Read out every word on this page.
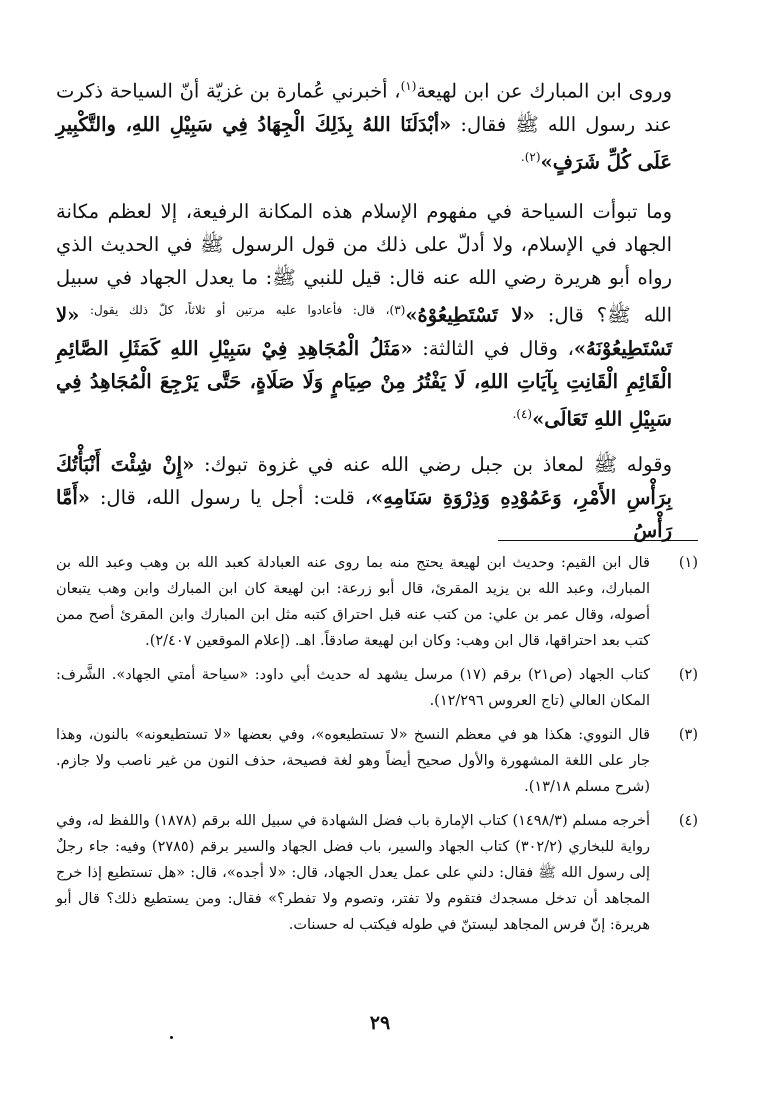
وروى ابن المبارك عن ابن لهيعة$^{(١)}$، أخبرني عُمارة بن غزيّة أنّ السياحة ذكرت عند رسول الله ﷺ فقال: «أبْدَلَنَا اللهُ بِذَلِكَ الْجِهَادُ فِي سَبِيْلِ اللهِ، والتَّكْبِيرِ عَلَى كُلِّ شَرَفٍ»$^{(٢).}$

وما تبوأت السياحة في مفهوم الإسلام هذه المكانة الرفيعة، إلا لعظم مكانة الجهاد في الإسلام، ولا أدلّ على ذلك من قول الرسول ﷺ في الحديث الذي رواه أبو هريرة رضي الله عنه قال: قيل للنبي ﷺ: ما يعدل الجهاد في سبيل الله ﷺ؟ قال: «لا تَسْتَطِيعُوْهُ»$^{(٣)، قال: فأعادوا عليه مرتين أو ثلاثاً، كلّ ذلك يقول:}$ «لا تَسْتَطِيعُوْنَهُ»، وقال في الثالثة: «مَثَلُ الْمُجَاهِدِ فِيْ سَبِيْلِ اللهِ كَمَثَلِ الصَّائِمِ الْقَائِمِ الْقَانِتِ بِآيَاتِ اللهِ، لَا يَفْتُرُ مِنْ صِيَامٍ وَلَا صَلَاةٍ، حَتَّى يَرْجِعَ الْمُجَاهِدُ فِي سَبِيْلِ اللهِ تَعَالَى»$^{(٤).}$

وقوله ﷺ لمعاذ بن جبل رضي الله عنه في غزوة تبوك: «إِنْ شِئْتَ أَنْبَأْتُكَ بِرَأْسِ الأَمْرِ، وَعَمُوْدِهِ وَذِرْوَةِ سَنَامِهِ»، قلت: أجل يا رسول الله، قال: «أَمَّا رَأْسُ

(١)
قال ابن القيم: وحديث ابن لهيعة يحتج منه بما روى عنه العبادلة كعبد الله بن وهب وعبد الله بن المبارك، وعبد الله بن يزيد المقرئ، قال أبو زرعة: ابن لهيعة كان ابن المبارك وابن وهب يتبعان أصوله، وقال عمر بن علي: من كتب عنه قبل احتراق كتبه مثل ابن المبارك وابن المقرئ أصح ممن كتب بعد احتراقها، قال ابن وهب: وكان ابن لهيعة صادقاً. اهـ. (إعلام الموقعين ٢/٤٠٧).
(٢)
كتاب الجهاد (ص٢١) برقم (١٧) مرسل يشهد له حديث أبي داود: «سياحة أمتي الجهاد». الشَّرف: المكان العالي (تاج العروس ١٢/٢٩٦).
(٣)
قال النووي: هكذا هو في معظم النسخ «لا تستطيعوه»، وفي بعضها «لا تستطيعونه» بالنون، وهذا جار على اللغة المشهورة والأول صحيح أيضاً وهو لغة فصيحة، حذف النون من غير ناصب ولا جازم. (شرح مسلم ١٣/١٨).
(٤)
أخرجه مسلم (١٤٩٨/٣) كتاب الإمارة باب فضل الشهادة في سبيل الله برقم (١٨٧٨) واللفظ له، وفي رواية للبخاري (٣٠٢/٢) كتاب الجهاد والسير، باب فضل الجهاد والسير برقم (٢٧٨٥) وفيه: جاء رجلٌ إلى رسول الله ﷺ فقال: دلني على عمل يعدل الجهاد، قال: «لا أجده»، قال: «هل تستطيع إذا خرج المجاهد أن تدخل مسجدك فتقوم ولا تفتر، وتصوم ولا تفطر؟» فقال: ومن يستطيع ذلك؟ قال أبو هريرة: إنّ فرس المجاهد ليستنّ في طوله فيكتب له حسنات.
٢٩
